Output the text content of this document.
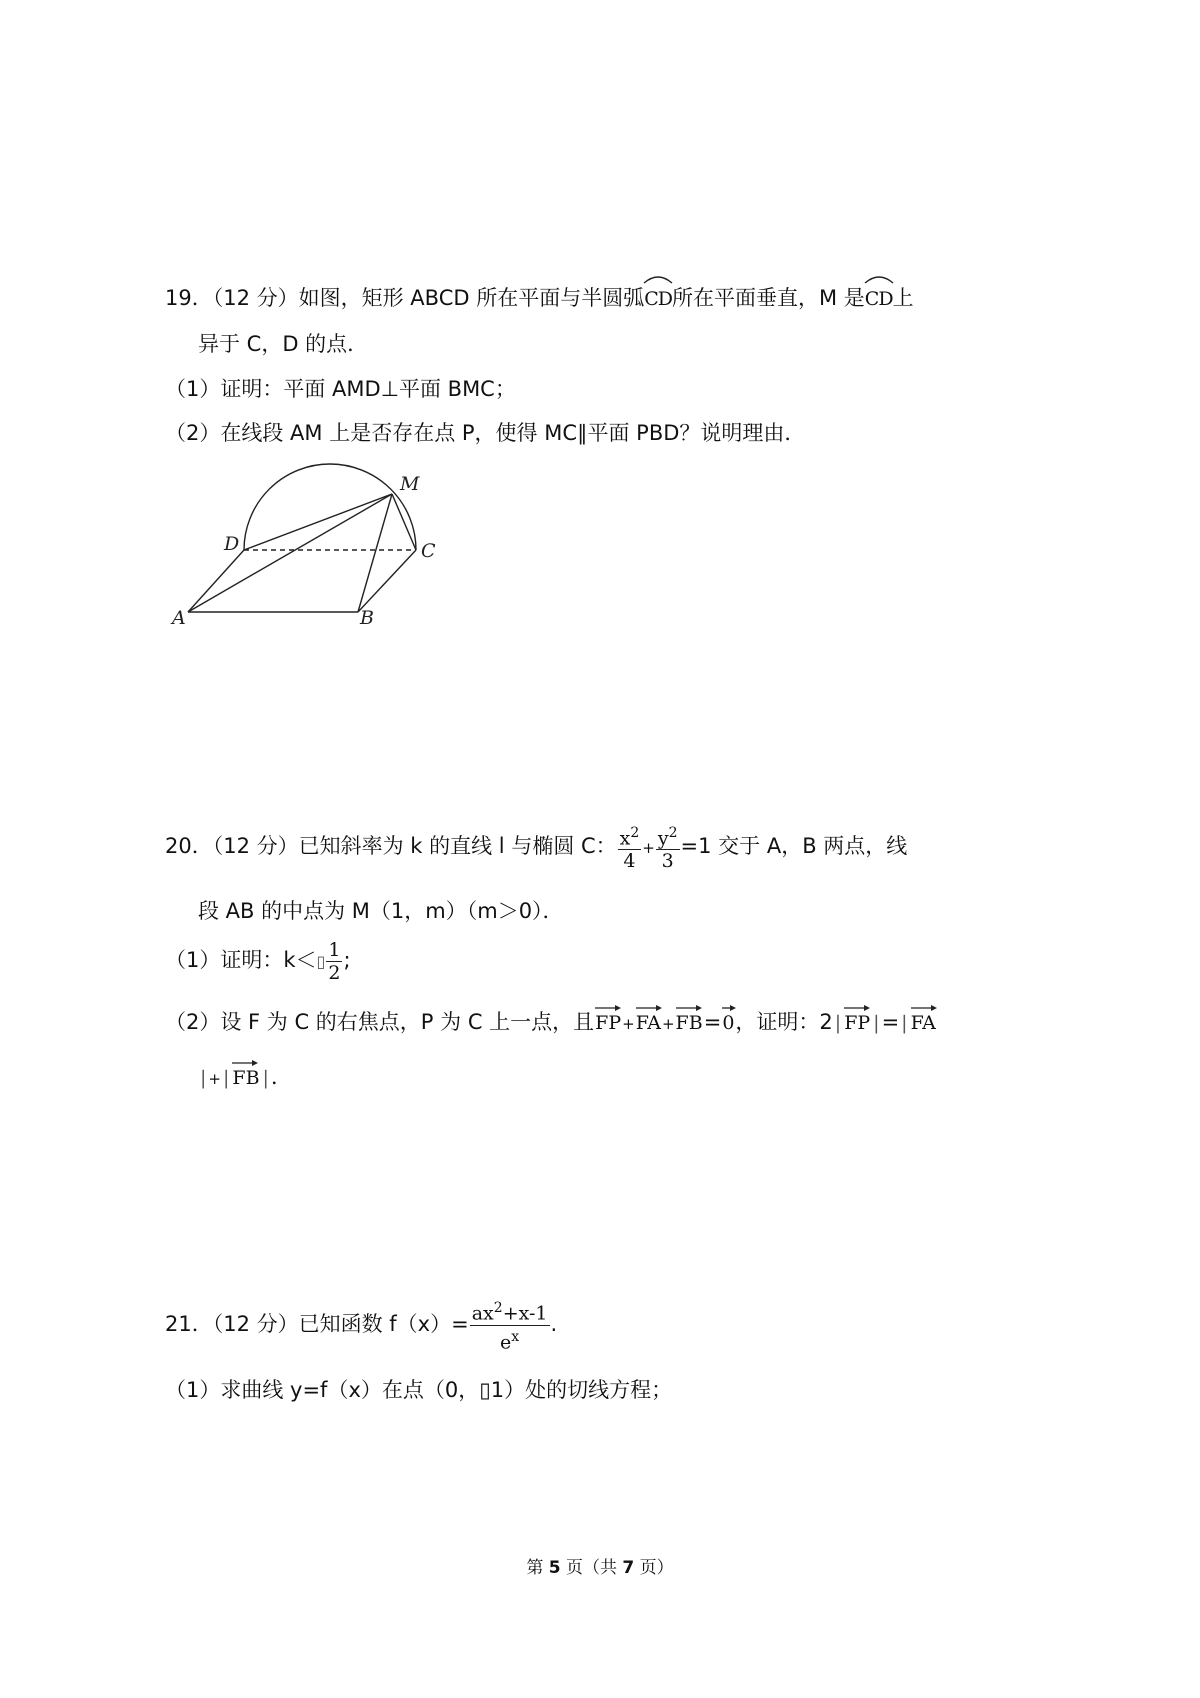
19．（12 分）如图，矩形 ABCD 所在平面与半圆弧
CD所在平面垂直，M 是
CD上
异于 C，D 的点．
（1）证明：平面 AMD⊥平面 BMC；
（2）在线段 AM 上是否存在点 P，使得 MC∥平面 PBD？说明理由．
M
D	C
A	B
20．（12 分）已知斜率为 k 的直线 l 与椭圆 C： $\frac{x^2}{4} + \frac{y^2}{3} =1$ 交于 A，B 两点，线
段 AB 的中点为 M（1，m）（m＞0）．
（1）证明：k＜▯ $\frac{1}{2}$ ;
（2）设 F 为 C 的右焦点，P 为 C 上一点，且
FP+
FA+
FB=
0，证明：2 | FP |= | FA
| + | FB |．
21．（12 分）已知函数 $f(x)= \frac{ax^2+x-1}{e^x}$ .
（1）求曲线 y=f（x）在点（0，▯1）处的切线方程；
第 5 页（共 7 页）
